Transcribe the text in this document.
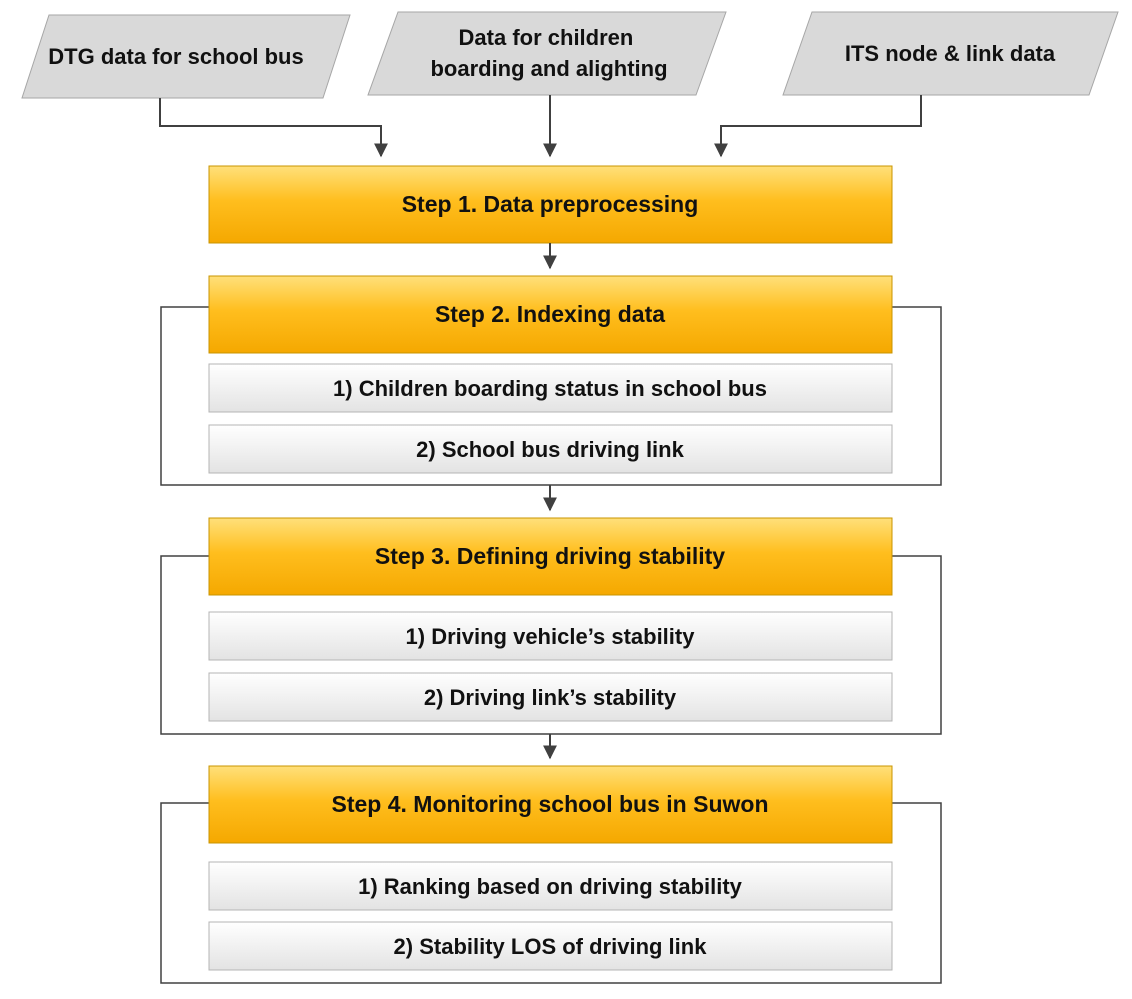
DTG data for school bus
Data for children boarding and alighting
ITS node & link data
Step 1. Data preprocessing
Step 2. Indexing data
Step 3. Defining driving stability
Step 4. Monitoring school bus in Suwon
1) Children boarding status in school bus
2) School bus driving link
1) Driving vehicle’s stability
2) Driving link’s stability
1) Ranking based on driving stability
2) Stability LOS of driving link
